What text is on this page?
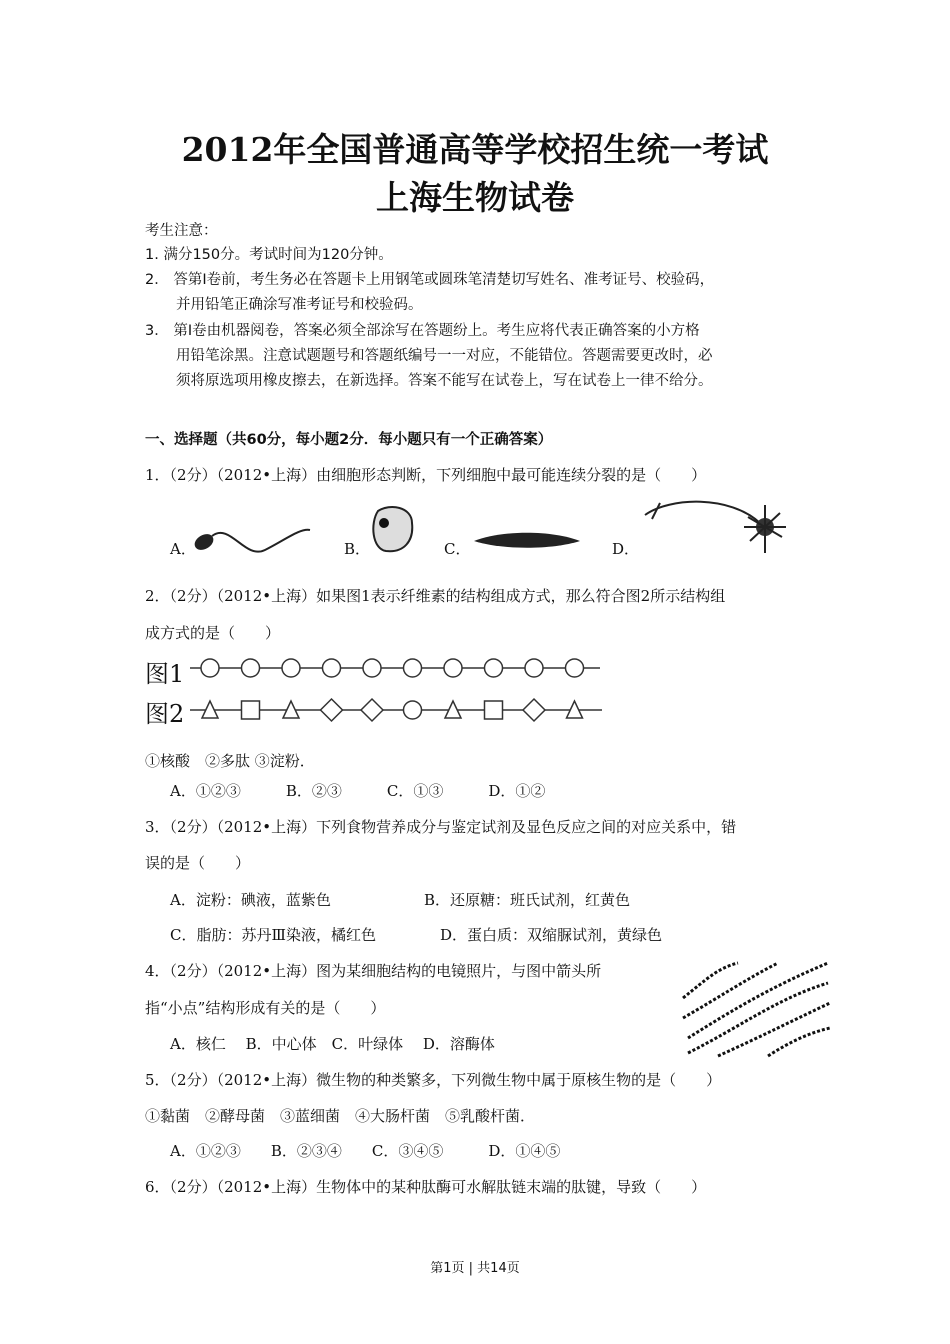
2012年全国普通高等学校招生统一考试
上海生物试卷
考生注意：
1. 满分150分。考试时间为120分钟。
2． 答第Ⅰ卷前，考生务必在答题卡上用钢笔或圆珠笔清楚切写姓名、准考证号、校验码，
并用铅笔正确涂写准考证号和校验码。
3． 第Ⅰ卷由机器阅卷，答案必须全部涂写在答题纷上。考生应将代表正确答案的小方格
用铅笔涂黑。注意试题题号和答题纸编号一一对应，不能错位。答题需要更改时，必
须将原选项用橡皮擦去，在新选择。答案不能写在试卷上，写在试卷上一律不给分。
一、选择题（共60分，每小题2分．每小题只有一个正确答案）
1．（2分）（2012•上海）由细胞形态判断，下列细胞中最可能连续分裂的是（　　）
A．	B．	C．	D．
2．（2分）（2012•上海）如果图1表示纤维素的结构组成方式，那么符合图2所示结构组
成方式的是（　　）
图1
图2
①核酸　②多肽 ③淀粉．
A．①②③　　　B．②③　　　C．①③　　　D．①②
3．（2分）（2012•上海）下列食物营养成分与鉴定试剂及显色反应之间的对应关系中，错
误的是（　　）
A．淀粉：碘液，蓝紫色	B．还原糖：班氏试剂，红黄色
C．脂肪：苏丹Ⅲ染液，橘红色	D．蛋白质：双缩脲试剂，黄绿色
4．（2分）（2012•上海）图为某细胞结构的电镜照片，与图中箭头所
指“小点”结构形成有关的是（　　）
A．核仁　 B．中心体　C．叶绿体　 D．溶酶体
5．（2分）（2012•上海）微生物的种类繁多，下列微生物中属于原核生物的是（　　）
①黏菌　②酵母菌　③蓝细菌　④大肠杆菌　⑤乳酸杆菌．
A．①②③　　B．②③④　　C．③④⑤　　　D．①④⑤
6．（2分）（2012•上海）生物体中的某种肽酶可水解肽链末端的肽键，导致（　　）
第1页 | 共14页
